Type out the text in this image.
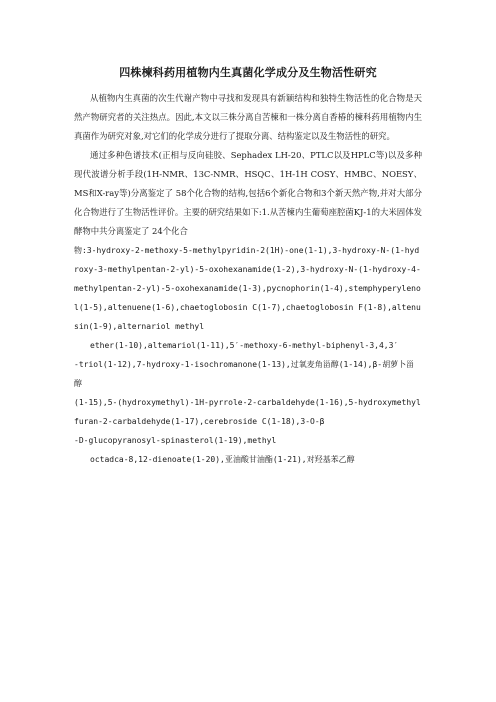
四株楝科药用植物内生真菌化学成分及生物活性研究

从植物内生真菌的次生代谢产物中寻找和发现具有新颖结构和独特生物活性的化合物是天然产物研究者的关注热点。因此,本文以三株分离自苦楝和一株分离自香椿的楝科药用植物内生真菌作为研究对象,对它们的化学成分进行了提取分离、结构鉴定以及生物活性的研究。

通过多种色谱技术(正相与反向硅胶、Sephadex LH-20、PTLC以及HPLC等)以及多种现代波谱分析手段(1H-NMR、13C-NMR、HSQC、1H-1H COSY、HMBC、NOESY、MS和X-ray等)分离鉴定了 58个化合物的结构,包括6个新化合物和3个新天然产物,并对大部分化合物进行了生物活性评价。主要的研究结果如下:1.从苦楝内生葡萄座腔菌KJ-1的大米固体发酵物中共分离鉴定了 24个化合

物:3-hydroxy-2-methoxy-5-methylpyridin-2(1H)-one(1-1),3-hydroxy-N-(1-hydroxy-3-methylpentan-2-yl)-5-oxohexanamide(1-2),3-hydroxy-N-(1-hydroxy-4-methylpentan-2-yl)-5-oxohexanamide(1-3),pycnophorin(1-4),stemphyperylenol(1-5),altenuene(1-6),chaetoglobosin C(1-7),chaetoglobosin F(1-8),altenusin(1-9),alternariol methyl

ether(1-10),altemariol(1-11),5′-methoxy-6-methyl-biphenyl-3,4,3′

-triol(1-12),7-hydroxy-1-isochromanone(1-13),过氧麦角甾醇(1-14),β-胡萝卜甾醇

(1-15),5-(hydroxymethyl)-1H-pyrrole-2-carbaldehyde(1-16),5-hydroxymethylfuran-2-carbaldehyde(1-17),cerebroside C(1-18),3-O-β

-D-glucopyranosyl-spinasterol(1-19),methyl

octadca-8,12-dienoate(1-20),亚油酸甘油酯(1-21),对羟基苯乙醇
